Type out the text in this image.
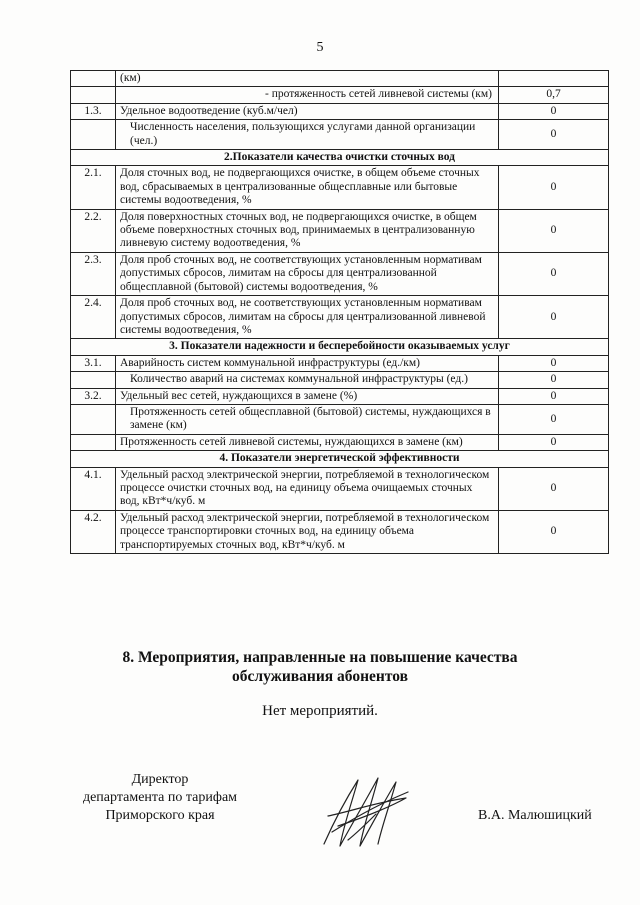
5
	(км)	
	- протяженность сетей ливневой системы (км)	0,7
1.3.	Удельное водоотведение (куб.м/чел)	0
	Численность населения, пользующихся услугами данной организации (чел.)	0
2.Показатели качества очистки сточных вод		
2.1.	Доля сточных вод, не подвергающихся очистке, в общем объеме сточных вод, сбрасываемых в централизованные общесплавные или бытовые системы водоотведения, %	0
2.2.	Доля поверхностных сточных вод, не подвергающихся очистке, в общем объеме поверхностных сточных вод, принимаемых в централизованную ливневую систему водоотведения, %	0
2.3.	Доля проб сточных вод, не соответствующих установленным нормативам допустимых сбросов, лимитам на сбросы для централизованной общесплавной (бытовой) системы водоотведения, %	0
2.4.	Доля проб сточных вод, не соответствующих установленным нормативам допустимых сбросов, лимитам на сбросы для централизованной ливневой системы водоотведения, %	0
3. Показатели надежности и бесперебойности оказываемых услуг		
3.1.	Аварийность систем коммунальной инфраструктуры (ед./км)	0
	Количество аварий на системах коммунальной инфраструктуры (ед.)	0
3.2.	Удельный вес сетей, нуждающихся в замене (%)	0
	Протяженность сетей общесплавной (бытовой) системы, нуждающихся в замене (км)	0
	Протяженность сетей ливневой системы, нуждающихся в замене (км)	0
4. Показатели энергетической эффективности		
4.1.	Удельный расход электрической энергии, потребляемой в технологическом процессе очистки сточных вод, на единицу объема очищаемых сточных вод, кВт*ч/куб. м	0
4.2.	Удельный расход электрической энергии, потребляемой в технологическом процессе транспортировки сточных вод, на единицу объема транспортируемых сточных вод, кВт*ч/куб. м	0
8. Мероприятия, направленные на повышение качества
обслуживания абонентов
Нет мероприятий.
Директор
департамента по тарифам
Приморского края	В.А. Малюшицкий
